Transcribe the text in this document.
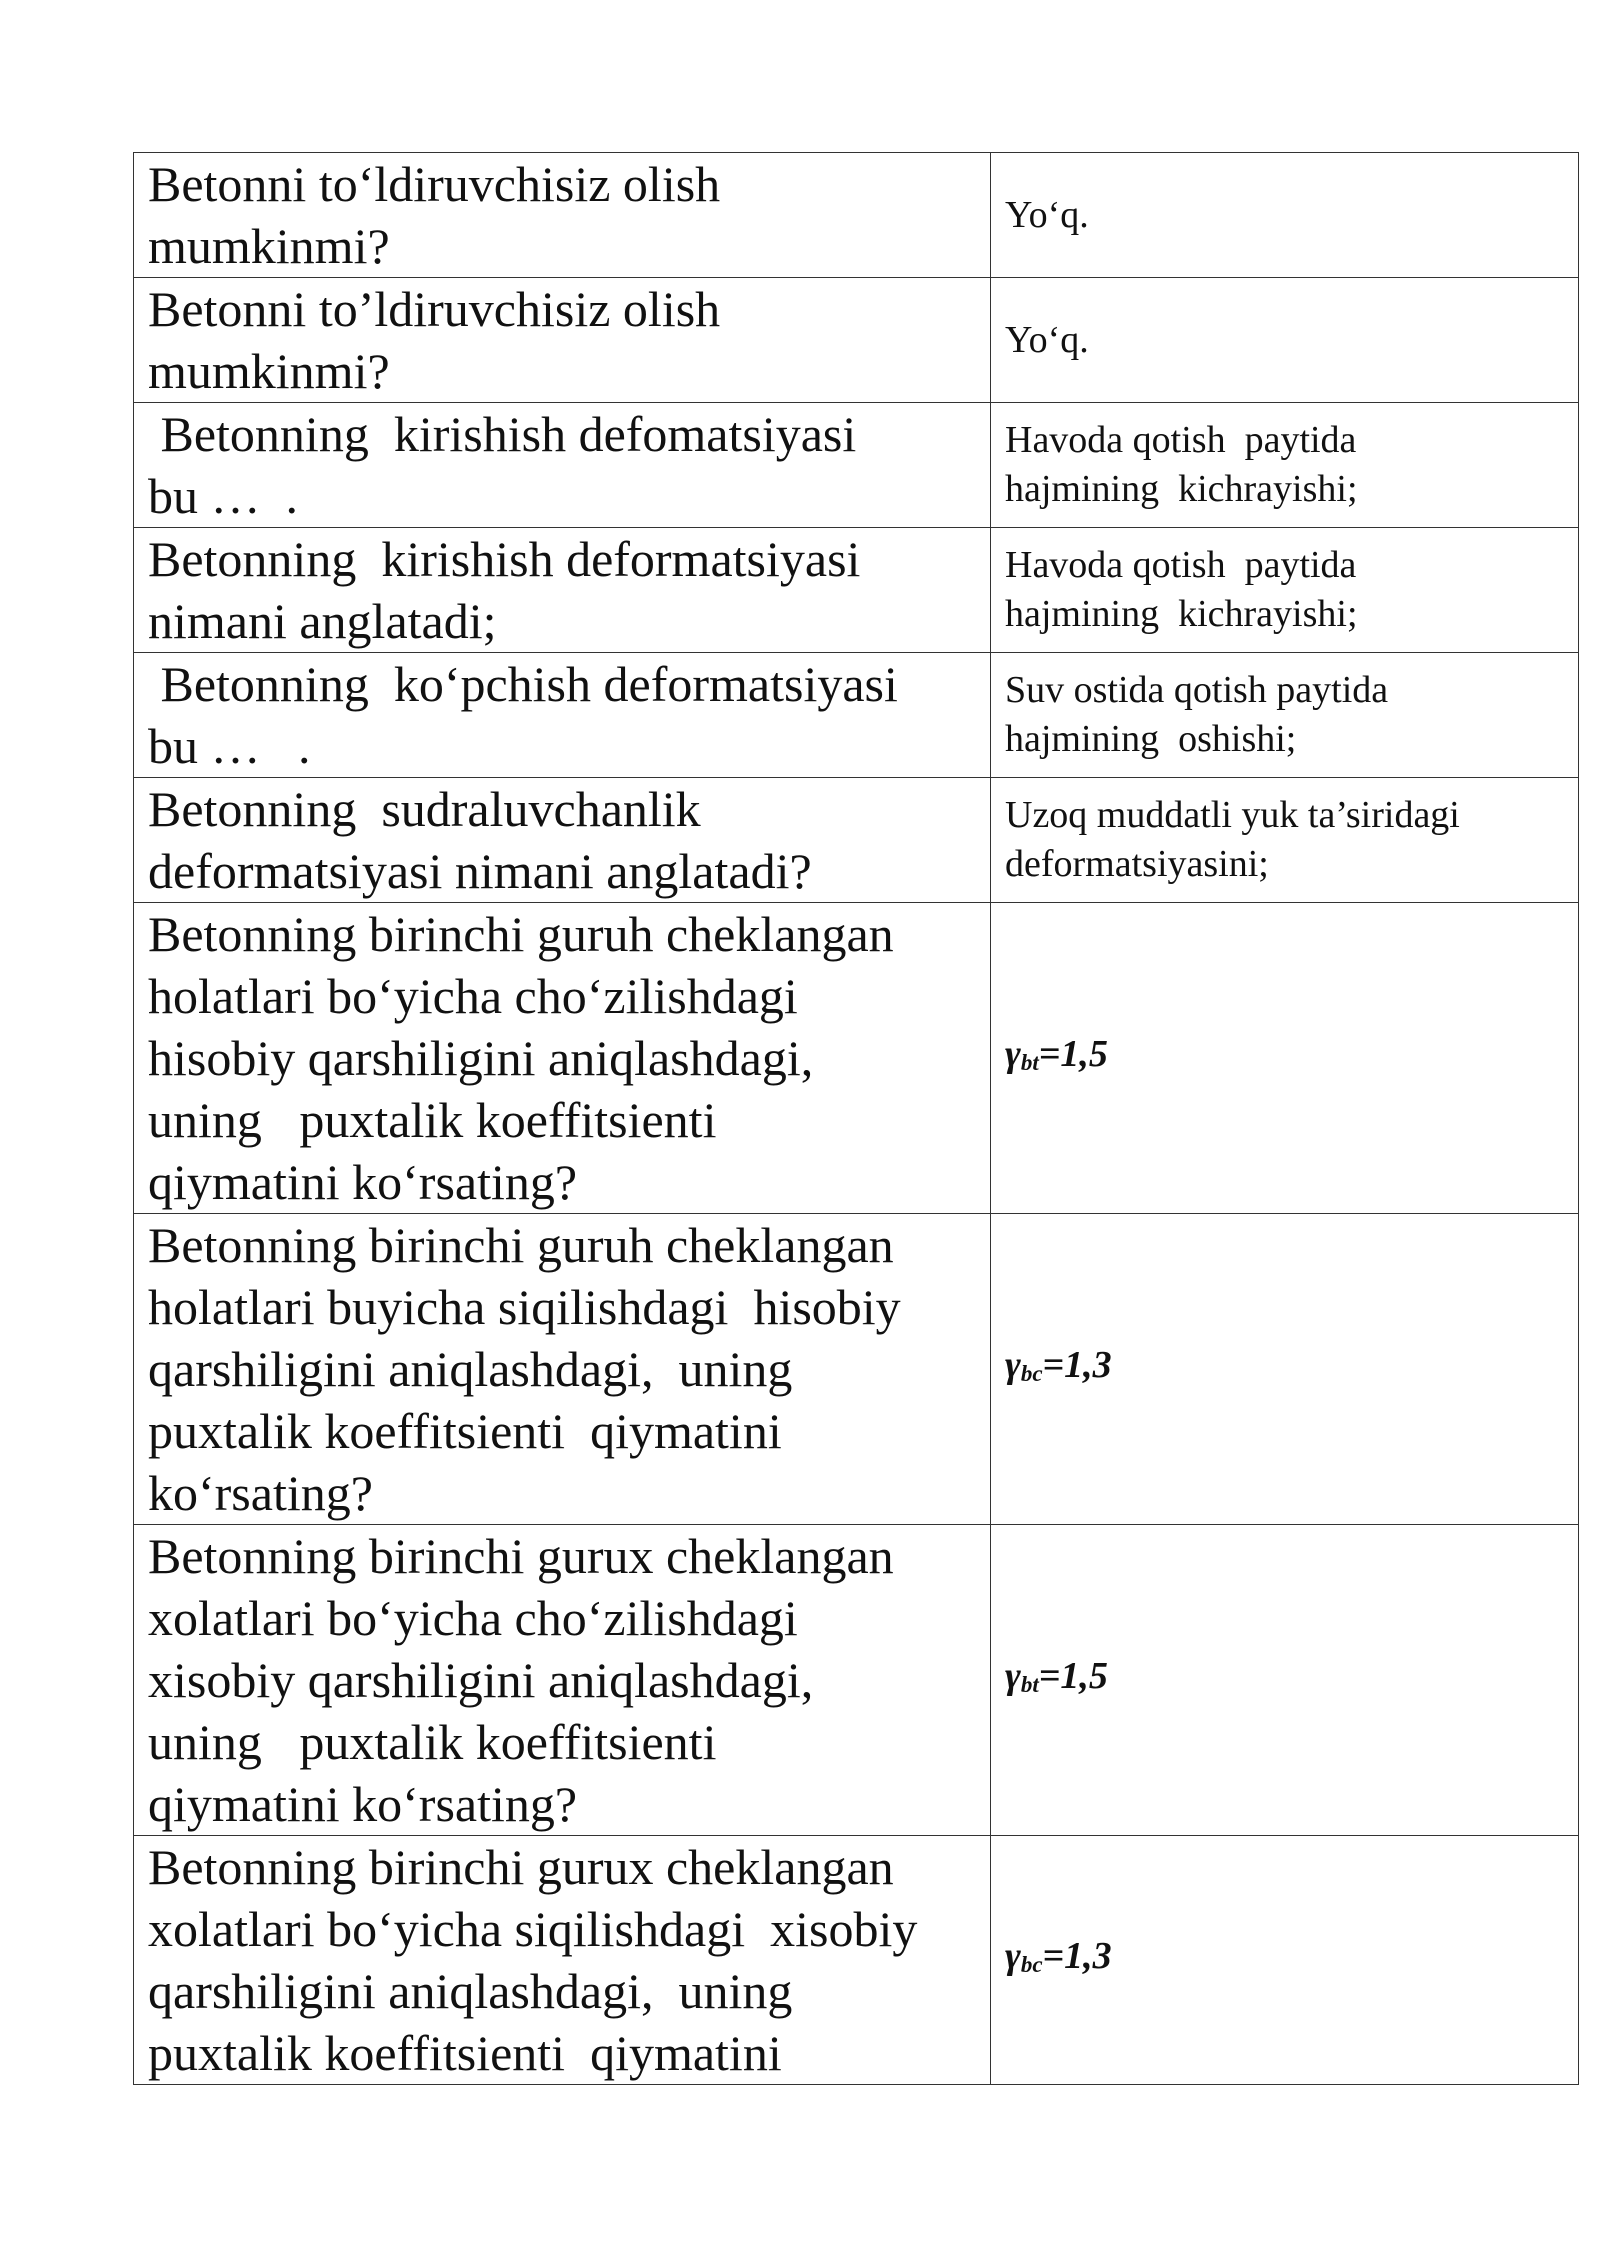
Betonni to‘ldiruvchisiz olish
mumkinmi?	Yo‘q.

Betonni to’ldiruvchisiz olish
mumkinmi?	Yo‘q.

Betonning  kirishish defomatsiyasi
bu …  .	Havoda qotish  paytida
hajmining  kichrayishi;

Betonning  kirishish deformatsiyasi
nimani anglatadi;	Havoda qotish  paytida
hajmining  kichrayishi;

Betonning  ko‘pchish deformatsiyasi
bu …   .	Suv ostida qotish paytida
hajmining  oshishi;

Betonning  sudraluvchanlik
deformatsiyasi nimani anglatadi?	Uzoq muddatli yuk ta’siridagi
deformatsiyasini;

Betonning birinchi guruh cheklangan
holatlari bo‘yicha cho‘zilishdagi
hisobiy qarshiligini aniqlashdagi,
uning   puxtalik koeffitsienti
qiymatini ko‘rsating?	$\gamma_{bt}=1,5$

Betonning birinchi guruh cheklangan
holatlari buyicha siqilishdagi  hisobiy
qarshiligini aniqlashdagi,  uning
puxtalik koeffitsienti  qiymatini
ko‘rsating?	$\gamma_{bc}=1,3$

Betonning birinchi gurux cheklangan
xolatlari bo‘yicha cho‘zilishdagi
xisobiy qarshiligini aniqlashdagi,
uning   puxtalik koeffitsienti
qiymatini ko‘rsating?	$\gamma_{bt}=1,5$

Betonning birinchi gurux cheklangan
xolatlari bo‘yicha siqilishdagi  xisobiy
qarshiligini aniqlashdagi,  uning
puxtalik koeffitsienti  qiymatini	$\gamma_{bc}=1,3$
